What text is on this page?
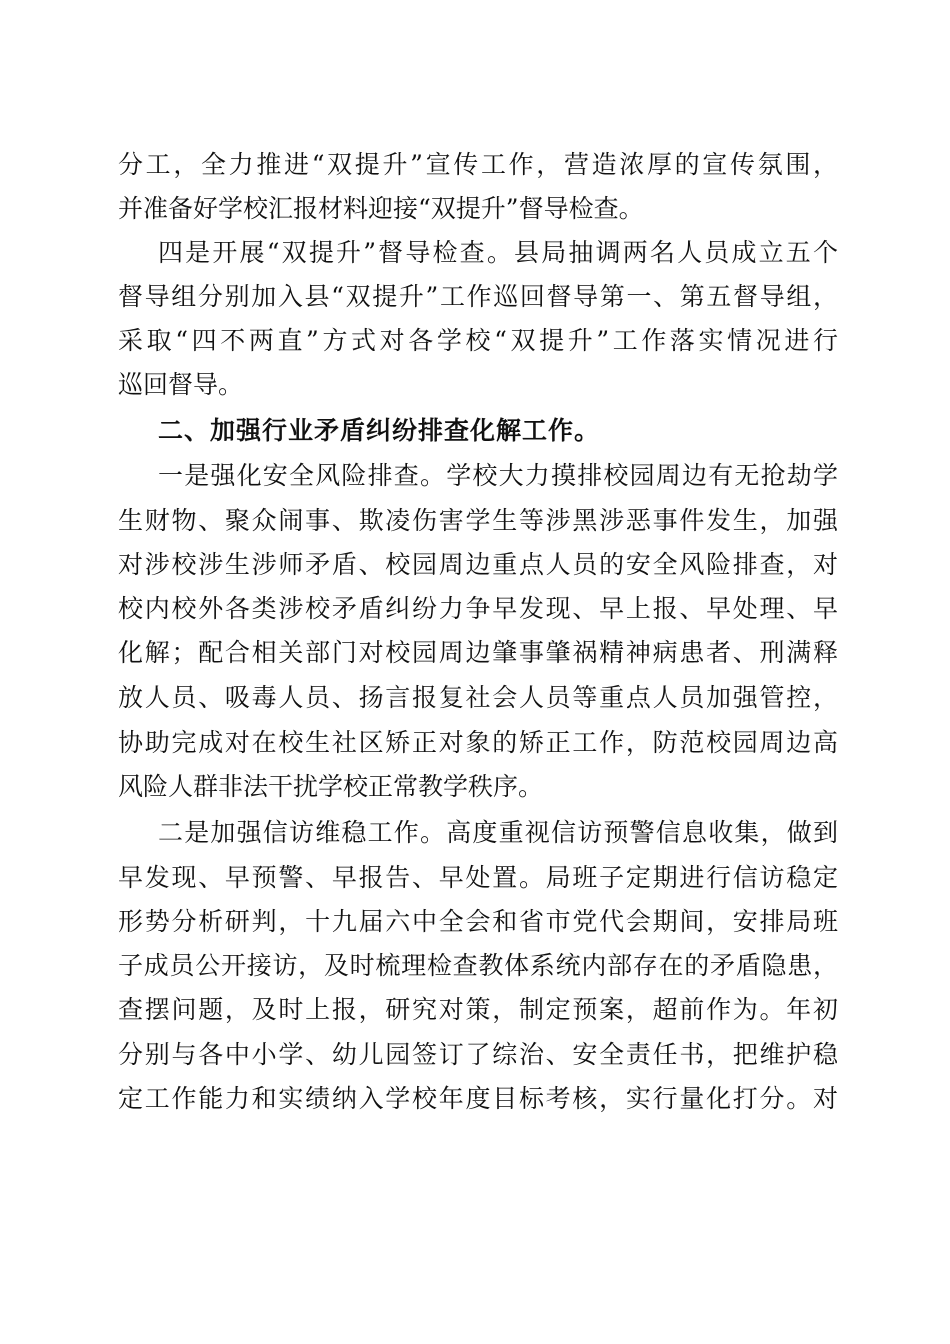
分工，全力推进“双提升”宣传工作，营造浓厚的宣传氛围，
并准备好学校汇报材料迎接“双提升”督导检查。
四是开展“双提升”督导检查。县局抽调两名人员成立五个
督导组分别加入县“双提升”工作巡回督导第一、第五督导组，
采取“四不两直”方式对各学校“双提升”工作落实情况进行
巡回督导。
二、加强行业矛盾纠纷排查化解工作。
一是强化安全风险排查。学校大力摸排校园周边有无抢劫学
生财物、聚众闹事、欺凌伤害学生等涉黑涉恶事件发生，加强
对涉校涉生涉师矛盾、校园周边重点人员的安全风险排查，对
校内校外各类涉校矛盾纠纷力争早发现、早上报、早处理、早
化解；配合相关部门对校园周边肇事肇祸精神病患者、刑满释
放人员、吸毒人员、扬言报复社会人员等重点人员加强管控，
协助完成对在校生社区矫正对象的矫正工作，防范校园周边高
风险人群非法干扰学校正常教学秩序。
二是加强信访维稳工作。高度重视信访预警信息收集，做到
早发现、早预警、早报告、早处置。局班子定期进行信访稳定
形势分析研判，十九届六中全会和省市党代会期间，安排局班
子成员公开接访，及时梳理检查教体系统内部存在的矛盾隐患，
查摆问题，及时上报，研究对策，制定预案，超前作为。年初
分别与各中小学、幼儿园签订了综治、安全责任书，把维护稳
定工作能力和实绩纳入学校年度目标考核，实行量化打分。对
